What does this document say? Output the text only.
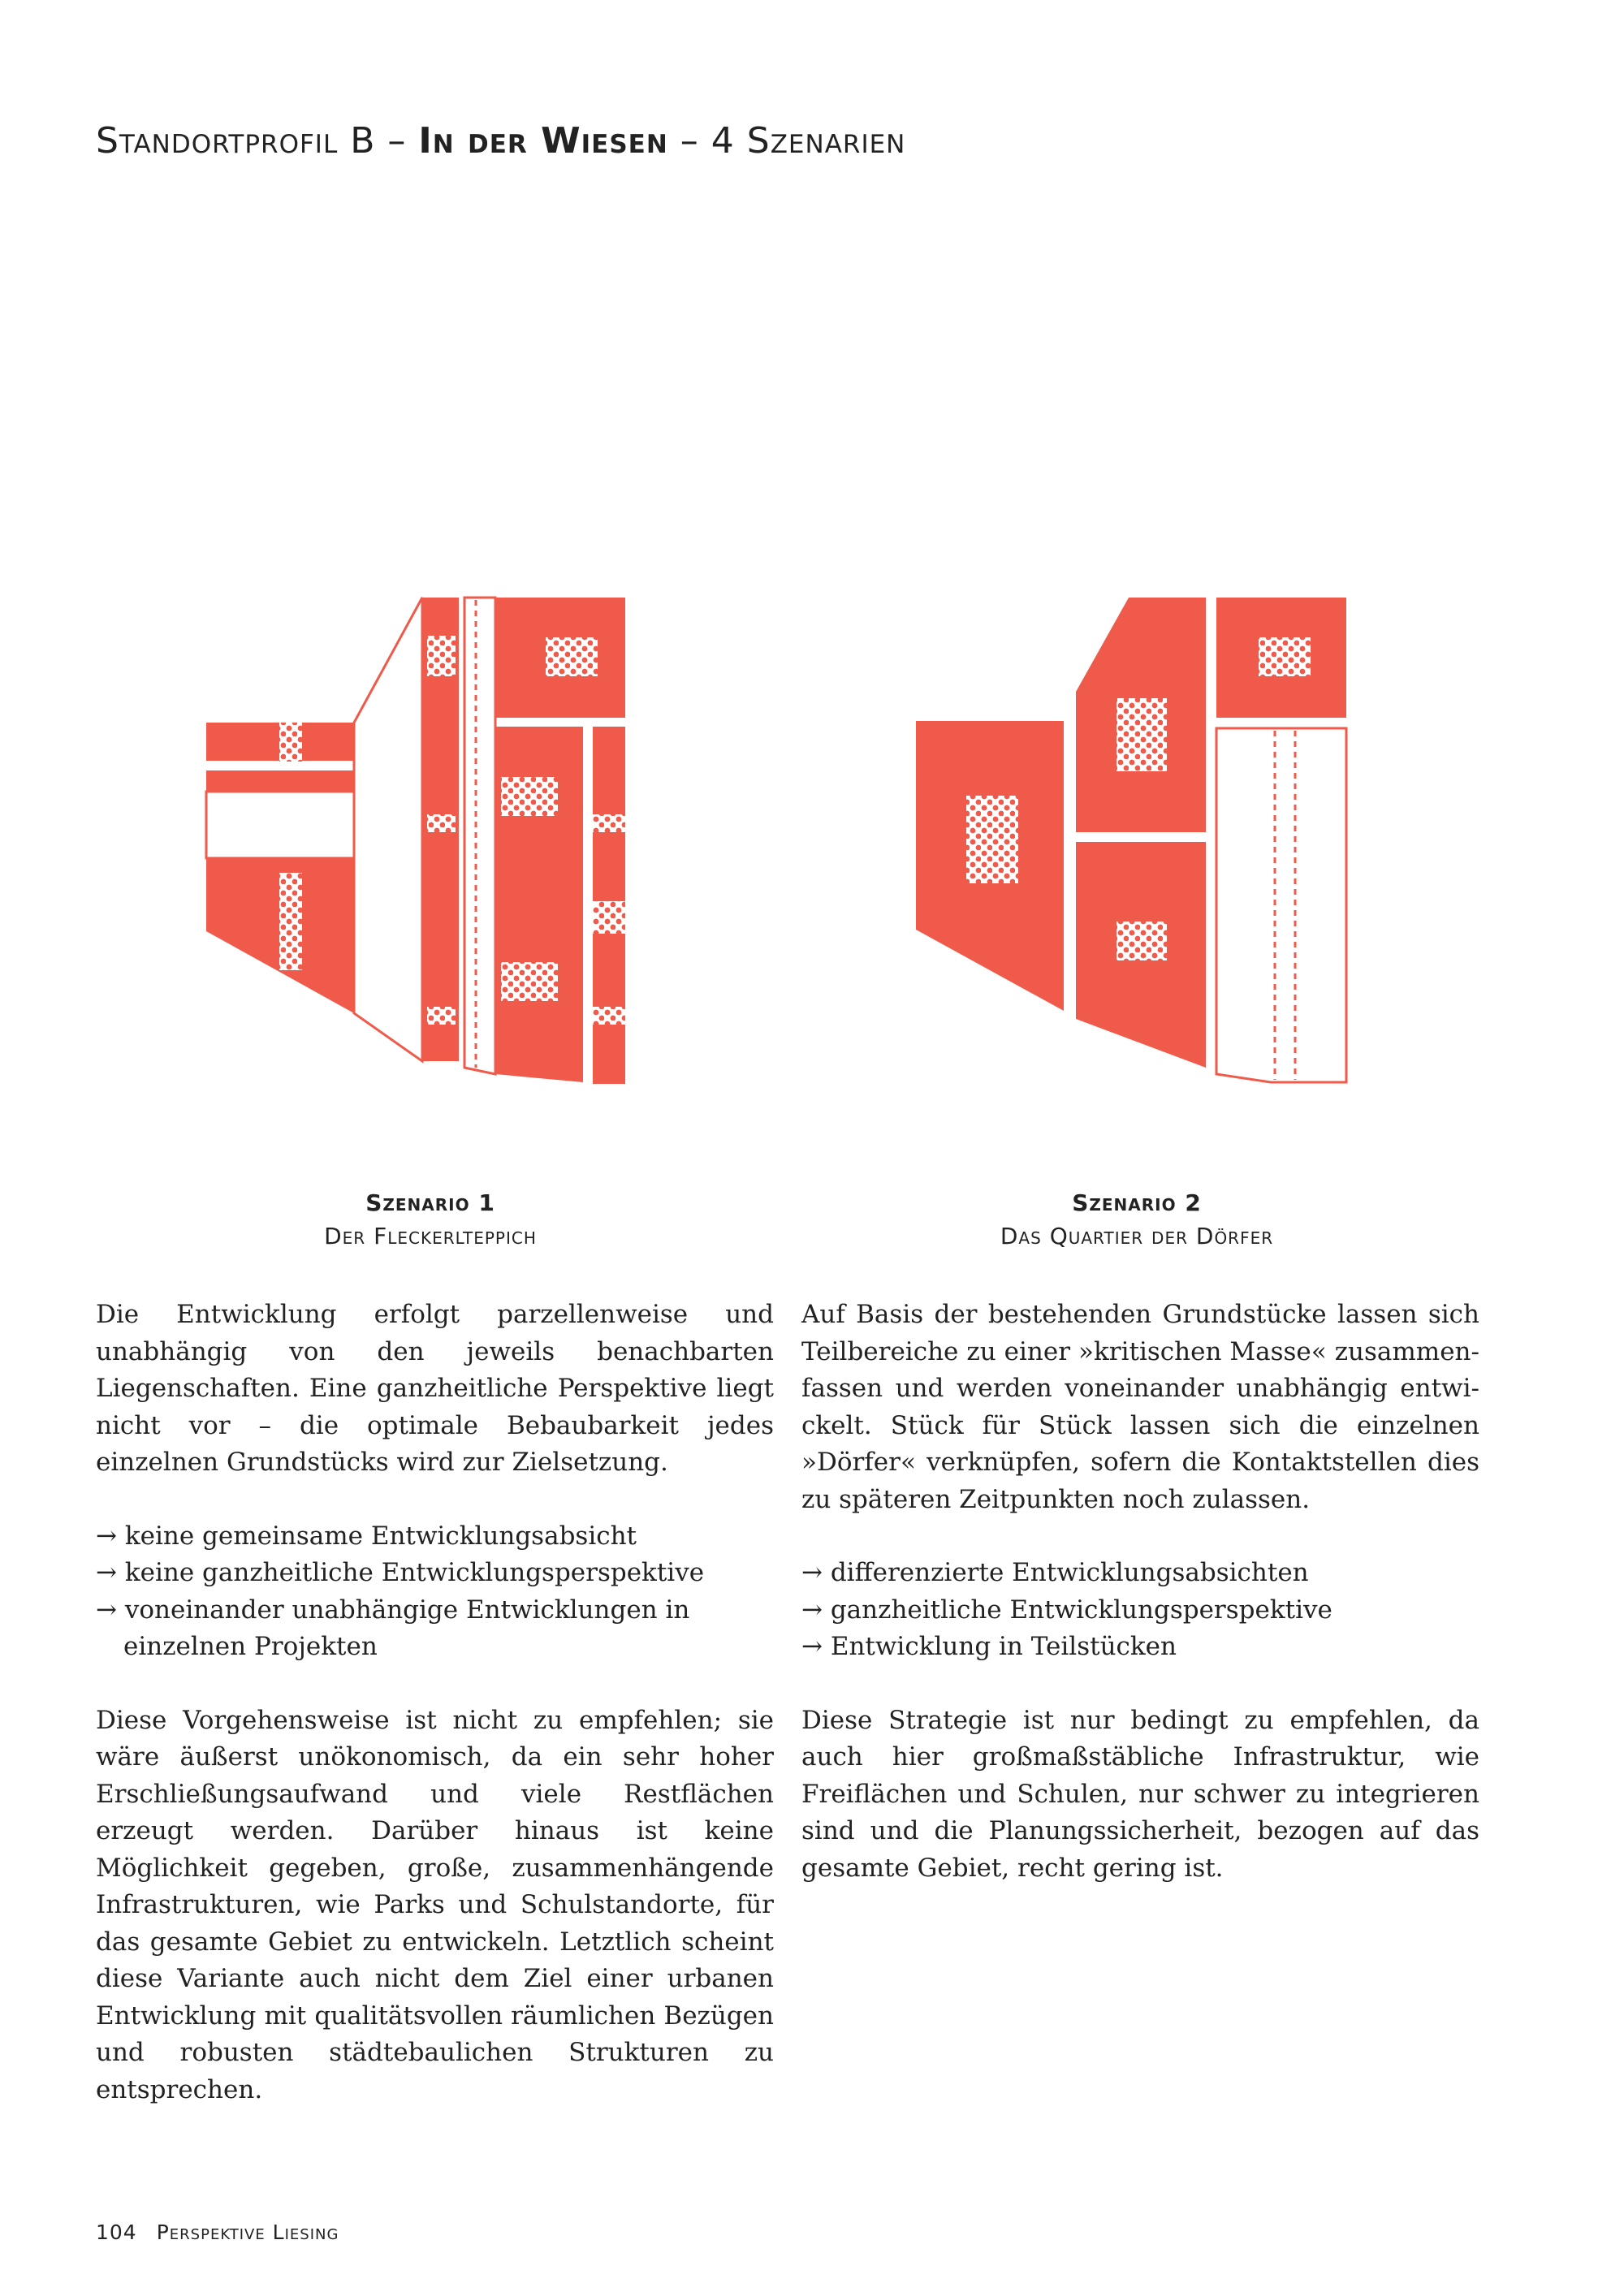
Standortprofil B – In der Wiesen – 4 Szenarien
Szenario 1
Der Fleckerlteppich
Szenario 2
Das Quartier der Dörfer

Die Entwicklung erfolgt parzellenweise und unabhängig von den jeweils benachbarten Liegenschaften. Eine ganzheitliche Perspektive liegt nicht vor – die optimale Bebaubarkeit jedes einzelnen Grundstücks wird zur Zielsetzung.

→ keine gemeinsame Entwicklungsabsicht
→ keine ganzheitliche Entwicklungsperspektive
→ voneinander unabhängige Entwicklungen in einzelnen Projekten

Diese Vorgehensweise ist nicht zu empfehlen; sie wäre äußerst unökonomisch, da ein sehr hoher Erschließungsaufwand und viele Restflächen erzeugt werden. Darüber hinaus ist keine Möglichkeit gegeben, große, zusammenhängende Infrastrukturen, wie Parks und Schulstandorte, für das gesamte Gebiet zu entwickeln. Letztlich scheint diese Variante auch nicht dem Ziel einer urbanen Entwicklung mit qualitätsvollen räumlichen Bezügen und robusten städtebaulichen Strukturen zu entsprechen.

Auf Basis der bestehenden Grundstücke lassen sich Teilbereiche zu einer »kritischen Masse« zusammenfassen und werden voneinander unabhängig entwickelt. Stück für Stück lassen sich die einzelnen »Dörfer« verknüpfen, sofern die Kontaktstellen dies zu späteren Zeitpunkten noch zulassen.

→ differenzierte Entwicklungsabsichten
→ ganzheitliche Entwicklungsperspektive
→ Entwicklung in Teilstücken

Diese Strategie ist nur bedingt zu empfehlen, da auch hier großmaßstäbliche Infrastruktur, wie Freiflächen und Schulen, nur schwer zu integrieren sind und die Planungssicherheit, bezogen auf das gesamte Gebiet, recht gering ist.

104 Perspektive Liesing
